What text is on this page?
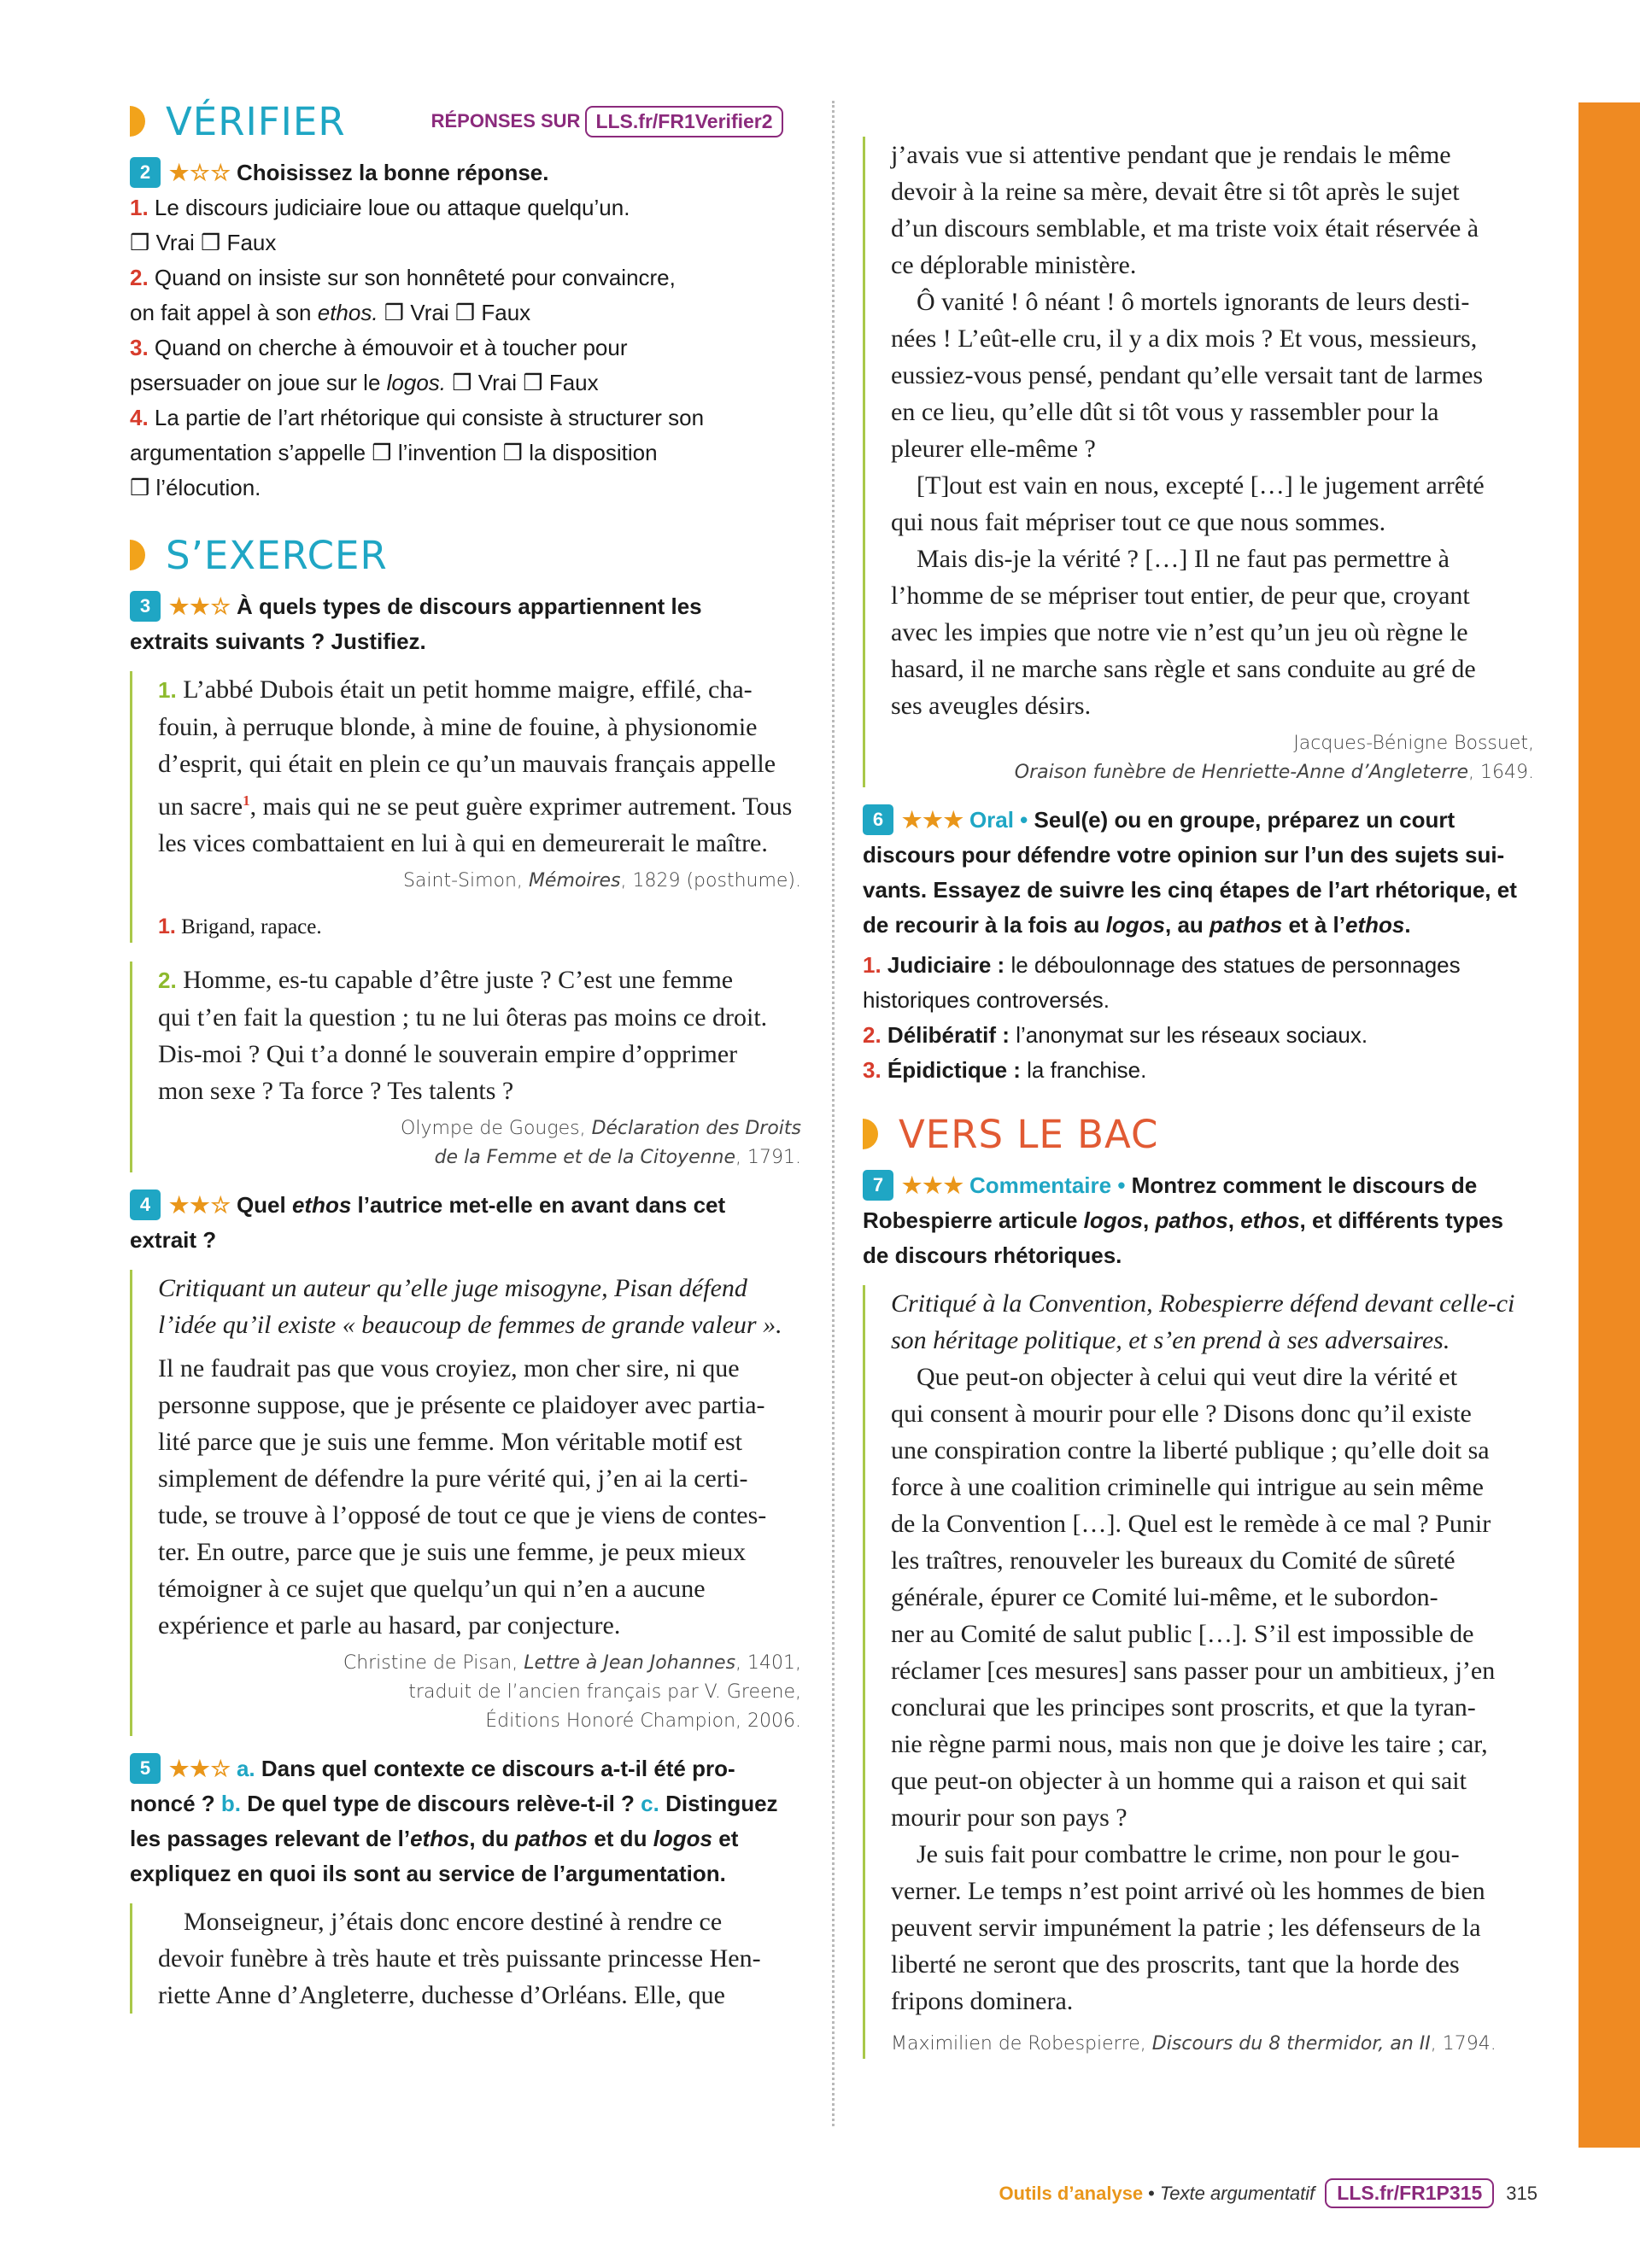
VÉRIFIER	RÉPONSES SUR LLS.fr/FR1Verifier2

2 ★☆☆ Choisissez la bonne réponse.

1. Le discours judiciaire loue ou attaque quelqu’un.

❒ Vrai ❒ Faux

2. Quand on insiste sur son honnêteté pour convaincre,

on fait appel à son ethos. ❒ Vrai ❒ Faux

3. Quand on cherche à émouvoir et à toucher pour

psersuader on joue sur le logos. ❒ Vrai ❒ Faux

4. La partie de l’art rhétorique qui consiste à structurer son

argumentation s’appelle ❒ l’invention ❒ la disposition

❒ l’élocution.

S’EXERCER

3 ★★☆ À quels types de discours appartiennent les
extraits suivants ? Justifiez.

1. L’abbé Dubois était un petit homme maigre, effilé, cha-

fouin, à perruque blonde, à mine de fouine, à physionomie

d’esprit, qui était en plein ce qu’un mauvais français appelle

un sacre$^1$, mais qui ne se peut guère exprimer autrement. Tous

les vices combattaient en lui à qui en demeurerait le maître.

Saint-Simon, Mémoires, 1829 (posthume).

1. Brigand, rapace.

2. Homme, es-tu capable d’être juste ? C’est une femme

qui t’en fait la question ; tu ne lui ôteras pas moins ce droit.

Dis-moi ? Qui t’a donné le souverain empire d’opprimer

mon sexe ? Ta force ? Tes talents ?

Olympe de Gouges, Déclaration des Droits
de la Femme et de la Citoyenne, 1791.

4 ★★☆ Quel ethos l’autrice met-elle en avant dans cet
extrait ?

Critiquant un auteur qu’elle juge misogyne, Pisan défend

l’idée qu’il existe « beaucoup de femmes de grande valeur ».

Il ne faudrait pas que vous croyiez, mon cher sire, ni que

personne suppose, que je présente ce plaidoyer avec partia-

lité parce que je suis une femme. Mon véritable motif est

simplement de défendre la pure vérité qui, j’en ai la certi-

tude, se trouve à l’opposé de tout ce que je viens de contes-

ter. En outre, parce que je suis une femme, je peux mieux

témoigner à ce sujet que quelqu’un qui n’en a aucune

expérience et parle au hasard, par conjecture.

Christine de Pisan, Lettre à Jean Johannes, 1401,
traduit de l’ancien français par V. Greene,
Éditions Honoré Champion, 2006.

5 ★★☆ a. Dans quel contexte ce discours a-t-il été pro-
noncé ? b. De quel type de discours relève-t-il ? c. Distinguez
les passages relevant de l’ethos, du pathos et du logos et
expliquez en quoi ils sont au service de l’argumentation.

Monseigneur, j’étais donc encore destiné à rendre ce

devoir funèbre à très haute et très puissante princesse Hen-

riette Anne d’Angleterre, duchesse d’Orléans. Elle, que

j’avais vue si attentive pendant que je rendais le même

devoir à la reine sa mère, devait être si tôt après le sujet

d’un discours semblable, et ma triste voix était réservée à

ce déplorable ministère.

Ô vanité ! ô néant ! ô mortels ignorants de leurs desti-

nées ! L’eût-elle cru, il y a dix mois ? Et vous, messieurs,

eussiez-vous pensé, pendant qu’elle versait tant de larmes

en ce lieu, qu’elle dût si tôt vous y rassembler pour la

pleurer elle-même ?

[T]out est vain en nous, excepté […] le jugement arrêté

qui nous fait mépriser tout ce que nous sommes.

Mais dis-je la vérité ? […] Il ne faut pas permettre à

l’homme de se mépriser tout entier, de peur que, croyant

avec les impies que notre vie n’est qu’un jeu où règne le

hasard, il ne marche sans règle et sans conduite au gré de

ses aveugles désirs.

Jacques-Bénigne Bossuet,
Oraison funèbre de Henriette-Anne d’Angleterre, 1649.

6 ★★★ Oral • Seul(e) ou en groupe, préparez un court
discours pour défendre votre opinion sur l’un des sujets sui-
vants. Essayez de suivre les cinq étapes de l’art rhétorique, et
de recourir à la fois au logos, au pathos et à l’ethos.

1. Judiciaire : le déboulonnage des statues de personnages
historiques controversés.

2. Délibératif : l’anonymat sur les réseaux sociaux.

3. Épidictique : la franchise.

VERS LE BAC

7 ★★★ Commentaire • Montrez comment le discours de
Robespierre articule logos, pathos, ethos, et différents types
de discours rhétoriques.

Critiqué à la Convention, Robespierre défend devant celle-ci

son héritage politique, et s’en prend à ses adversaires.

Que peut-on objecter à celui qui veut dire la vérité et

qui consent à mourir pour elle ? Disons donc qu’il existe

une conspiration contre la liberté publique ; qu’elle doit sa

force à une coalition criminelle qui intrigue au sein même

de la Convention […]. Quel est le remède à ce mal ? Punir

les traîtres, renouveler les bureaux du Comité de sûreté

générale, épurer ce Comité lui-même, et le subordon-

ner au Comité de salut public […]. S’il est impossible de

réclamer [ces mesures] sans passer pour un ambitieux, j’en

conclurai que les principes sont proscrits, et que la tyran-

nie règne parmi nous, mais non que je doive les taire ; car,

que peut-on objecter à un homme qui a raison et qui sait

mourir pour son pays ?

Je suis fait pour combattre le crime, non pour le gou-

verner. Le temps n’est point arrivé où les hommes de bien

peuvent servir impunément la patrie ; les défenseurs de la

liberté ne seront que des proscrits, tant que la horde des

fripons dominera.

Maximilien de Robespierre, Discours du 8 thermidor, an II, 1794.

Outils d’analyse • Texte argumentatif	LLS.fr/FR1P315	315
